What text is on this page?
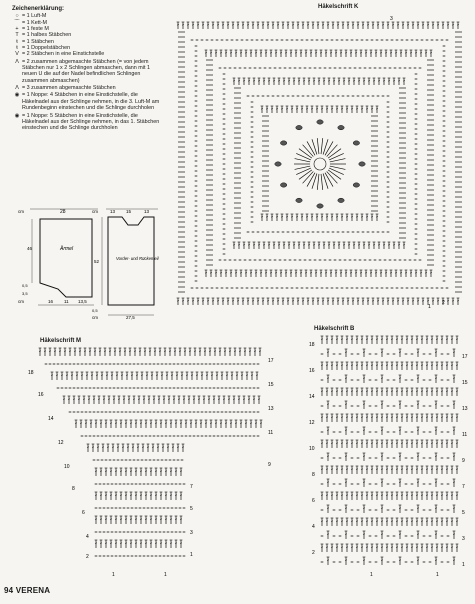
Zeichenerklärung:
○ = 1 Luft-M
⌒ = 1 Kett-M
+ = 1 feste M
T = 1 halbes Stäbchen
ŧ = 1 Stäbchen
ŧ = 1 Doppelstäbchen
V = 2 Stäbchen in eine Einstichstelle
Λ = 2 zusammen abgemaschte Stäbchen (= von jedem Stäbchen nur 1 x 2 Schlingen abmaschen, dann mit 1 neuen U die auf der Nadel befindlichen Schlingen zusammen abmaschen)
Λ = 3 zusammen abgemaschte Stäbchen
◉ = 1 Noppe: 4 Stäbchen in eine Einstichstelle, die Häkelnadel aus der Schlinge nehmen, in die 3. Luft-M am Rundenbeginn einstechen und die Schlinge durchholen
◉ = 1 Noppe: 5 Stäbchen in eine Einstichstelle, die Häkelnadel aus der Schlinge nehmen, in das 1. Stäbchen einstechen und die Schlinge durchholen
cm	28
46	Ärmel
0,5
3,5
cm	16 11 13,5
cm	13 15	13
52
Vorder- und Rückenteil
0,5
cm	27,5
Häkelschrift K
1
2
3
Häkelschrift M
17
15
13
11
9
18
16
14
12
10
8
6
4
2
7
5
3
1
1	1
Häkelschrift B
18
16
14
12
10
8
6
4
2
17
15
13
11
9
7
5
3
1
1	1
94 VERENA
